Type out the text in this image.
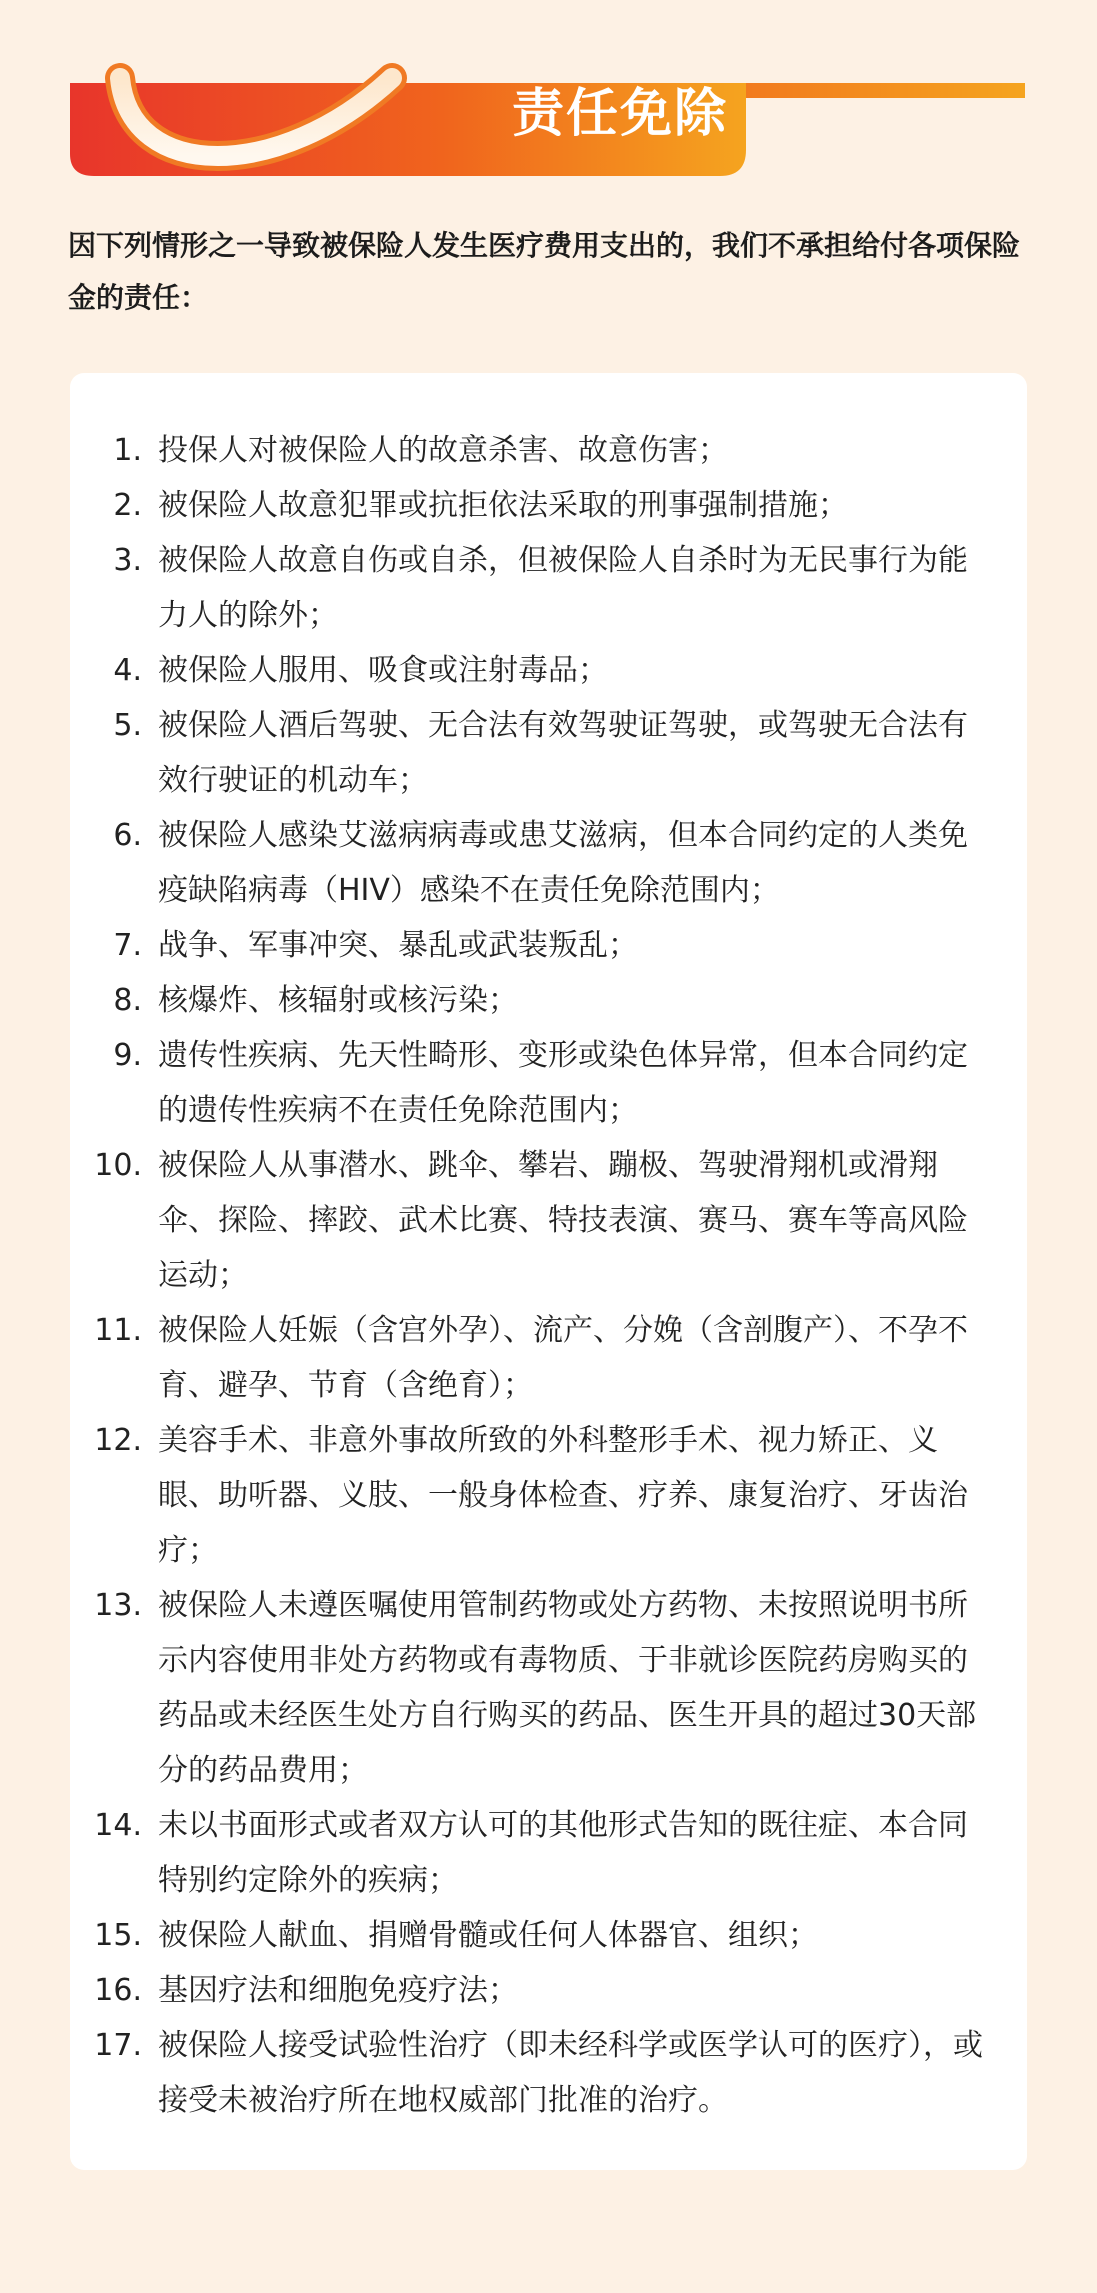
责任免除
因下列情形之一导致被保险人发生医疗费用支出的，我们不承担给付各项保险金的责任：
1. 投保人对被保险人的故意杀害、故意伤害；
2. 被保险人故意犯罪或抗拒依法采取的刑事强制措施；
3. 被保险人故意自伤或自杀，但被保险人自杀时为无民事行为能力人的除外；
4. 被保险人服用、吸食或注射毒品；
5. 被保险人酒后驾驶、无合法有效驾驶证驾驶，或驾驶无合法有效行驶证的机动车；
6. 被保险人感染艾滋病病毒或患艾滋病，但本合同约定的人类免疫缺陷病毒（HIV）感染不在责任免除范围内；
7. 战争、军事冲突、暴乱或武装叛乱；
8. 核爆炸、核辐射或核污染；
9. 遗传性疾病、先天性畸形、变形或染色体异常，但本合同约定的遗传性疾病不在责任免除范围内；
10. 被保险人从事潜水、跳伞、攀岩、蹦极、驾驶滑翔机或滑翔伞、探险、摔跤、武术比赛、特技表演、赛马、赛车等高风险运动；
11. 被保险人妊娠（含宫外孕）、流产、分娩（含剖腹产）、不孕不育、避孕、节育（含绝育）；
12. 美容手术、非意外事故所致的外科整形手术、视力矫正、义眼、助听器、义肢、一般身体检查、疗养、康复治疗、牙齿治疗；
13. 被保险人未遵医嘱使用管制药物或处方药物、未按照说明书所示内容使用非处方药物或有毒物质、于非就诊医院药房购买的药品或未经医生处方自行购买的药品、医生开具的超过30天部分的药品费用；
14. 未以书面形式或者双方认可的其他形式告知的既往症、本合同特别约定除外的疾病；
15. 被保险人献血、捐赠骨髓或任何人体器官、组织；
16. 基因疗法和细胞免疫疗法；
17. 被保险人接受试验性治疗（即未经科学或医学认可的医疗），或接受未被治疗所在地权威部门批准的治疗。
